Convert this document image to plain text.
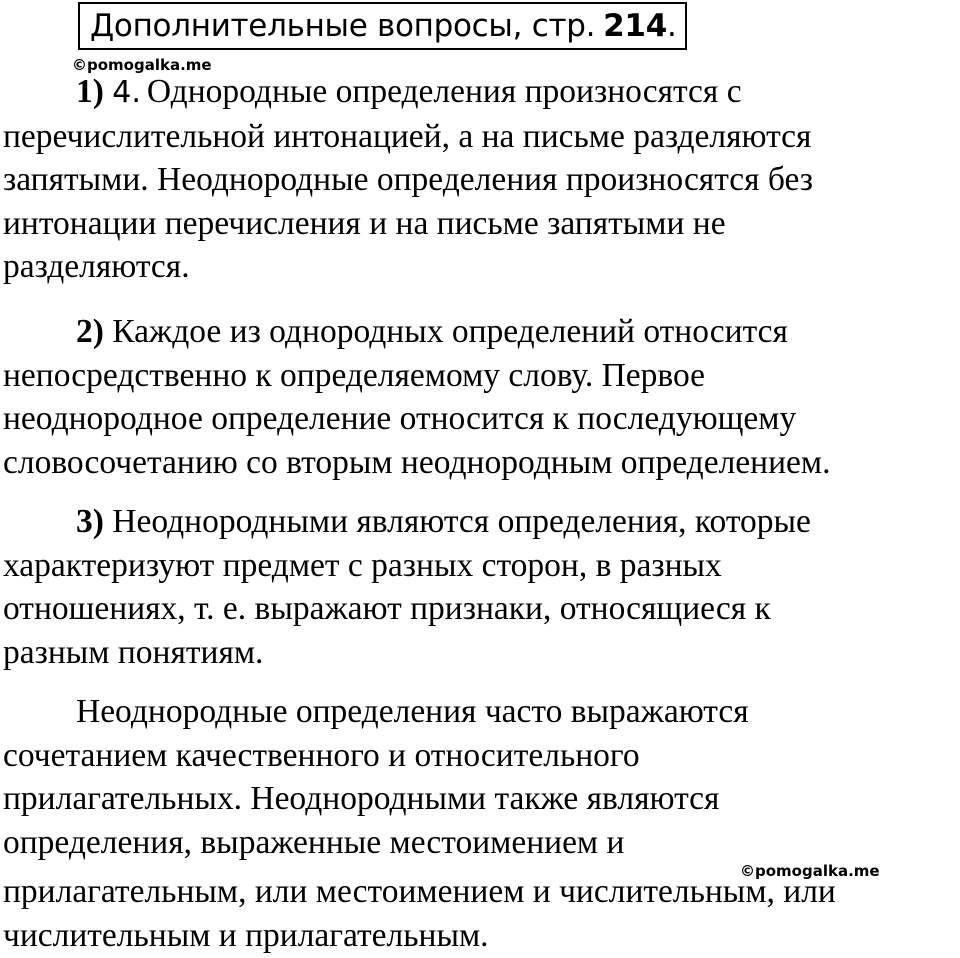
Дополнительные вопросы, стр. 214 .
©pomogalka.me
1) 4. Однородные определения произносятся с
перечислительной интонацией, а на письме разделяются
запятыми. Неоднородные определения произносятся без
интонации перечисления и на письме запятыми не
разделяются.
2) Каждое из однородных определений относится
непосредственно к определяемому слову. Первое
неоднородное определение относится к последующему
словосочетанию со вторым неоднородным определением.
3) Неоднородными являются определения, которые
характеризуют предмет с разных сторон, в разных
отношениях, т. е. выражают признаки, относящиеся к
разным понятиям.
Неоднородные определения часто выражаются
сочетанием качественного и относительного
прилагательных. Неоднородными также являются
определения, выраженные местоимением и
прилагательным, или местоимением и числительным, или
числительным и прилагательным.
©pomogalka.me
